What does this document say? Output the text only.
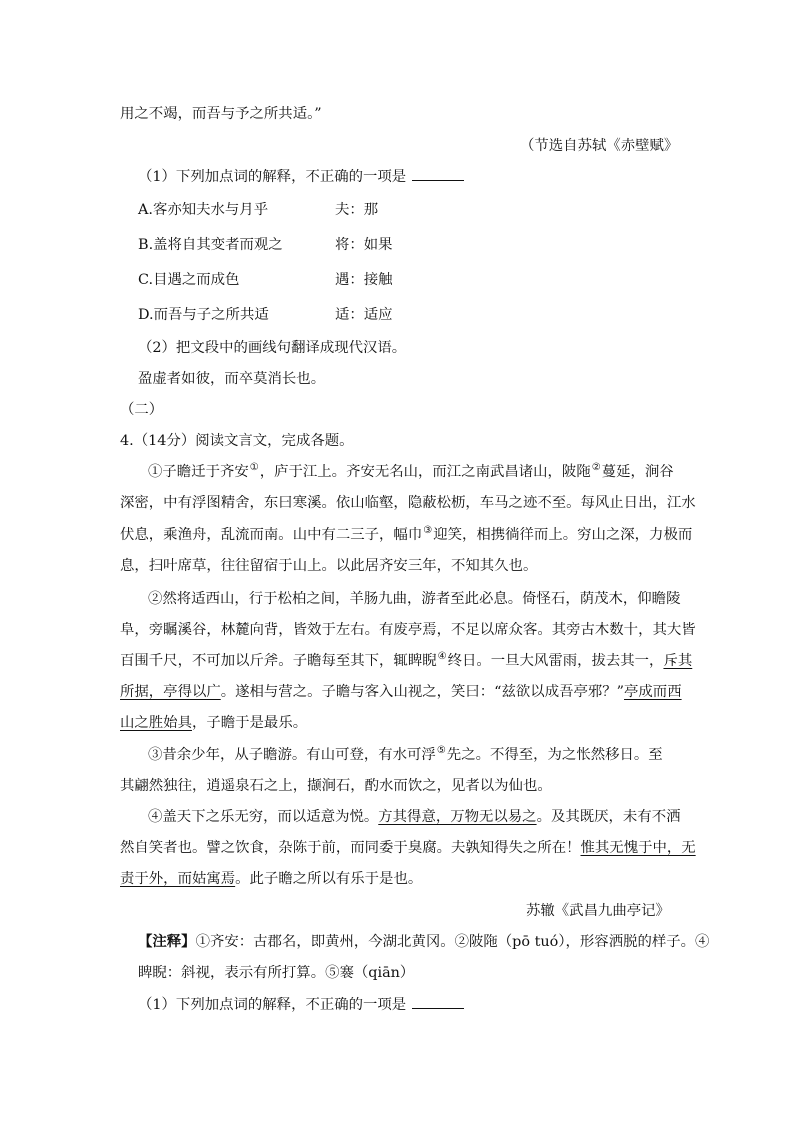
用之不竭，而吾与予之所共适。”
（节选自苏轼《赤壁赋》
（1）下列加点词的解释，不正确的一项是
A.客亦知夫水与月乎	夫：那
B.盖将自其变者而观之	将：如果
C.目遇之而成色	遇：接触
D.而吾与子之所共适	适：适应
（2）把文段中的画线句翻译成现代汉语。
盈虚者如彼，而卒莫消长也。
（二）
4.（14分）阅读文言文，完成各题。
①子瞻迁于齐安①，庐于江上。齐安无名山，而江之南武昌诸山，陂陁②蔓延，涧谷
深密，中有浮图精舍，东曰寒溪。依山临壑，隐蔽松枥，车马之迹不至。每风止日出，江水
伏息，乘渔舟，乱流而南。山中有二三子，幅巾③迎笑，相携徜徉而上。穷山之深，力极而
息，扫叶席草，往往留宿于山上。以此居齐安三年，不知其久也。
②然将适西山，行于松柏之间，羊肠九曲，游者至此必息。倚怪石，荫茂木，仰瞻陵
阜，旁瞩溪谷，林麓向背，皆效于左右。有废亭焉，不足以席众客。其旁古木数十，其大皆
百围千尺，不可加以斤斧。子瞻每至其下，辄睥睨④终日。一旦大风雷雨，拔去其一，斥其
所据，亭得以广。遂相与营之。子瞻与客入山视之，笑曰：“兹欲以成吾亭邪？”亭成而西
山之胜始具，子瞻于是最乐。
③昔余少年，从子瞻游。有山可登，有水可浮⑤先之。不得至，为之怅然移日。至
其翩然独往，逍遥泉石之上，撷涧石，酌水而饮之，见者以为仙也。
④盖天下之乐无穷，而以适意为悦。方其得意，万物无以易之。及其既厌，未有不洒
然自笑者也。譬之饮食，杂陈于前，而同委于臭腐。夫孰知得失之所在！惟其无愧于中，无
责于外，而姑寓焉。此子瞻之所以有乐于是也。
苏辙《武昌九曲亭记》
【注释】①齐安：古郡名，即黄州，今湖北黄冈。②陂陁（pō tuó），形容洒脱的样子。④
睥睨：斜视，表示有所打算。⑤褰（qiān）
（1）下列加点词的解释，不正确的一项是
